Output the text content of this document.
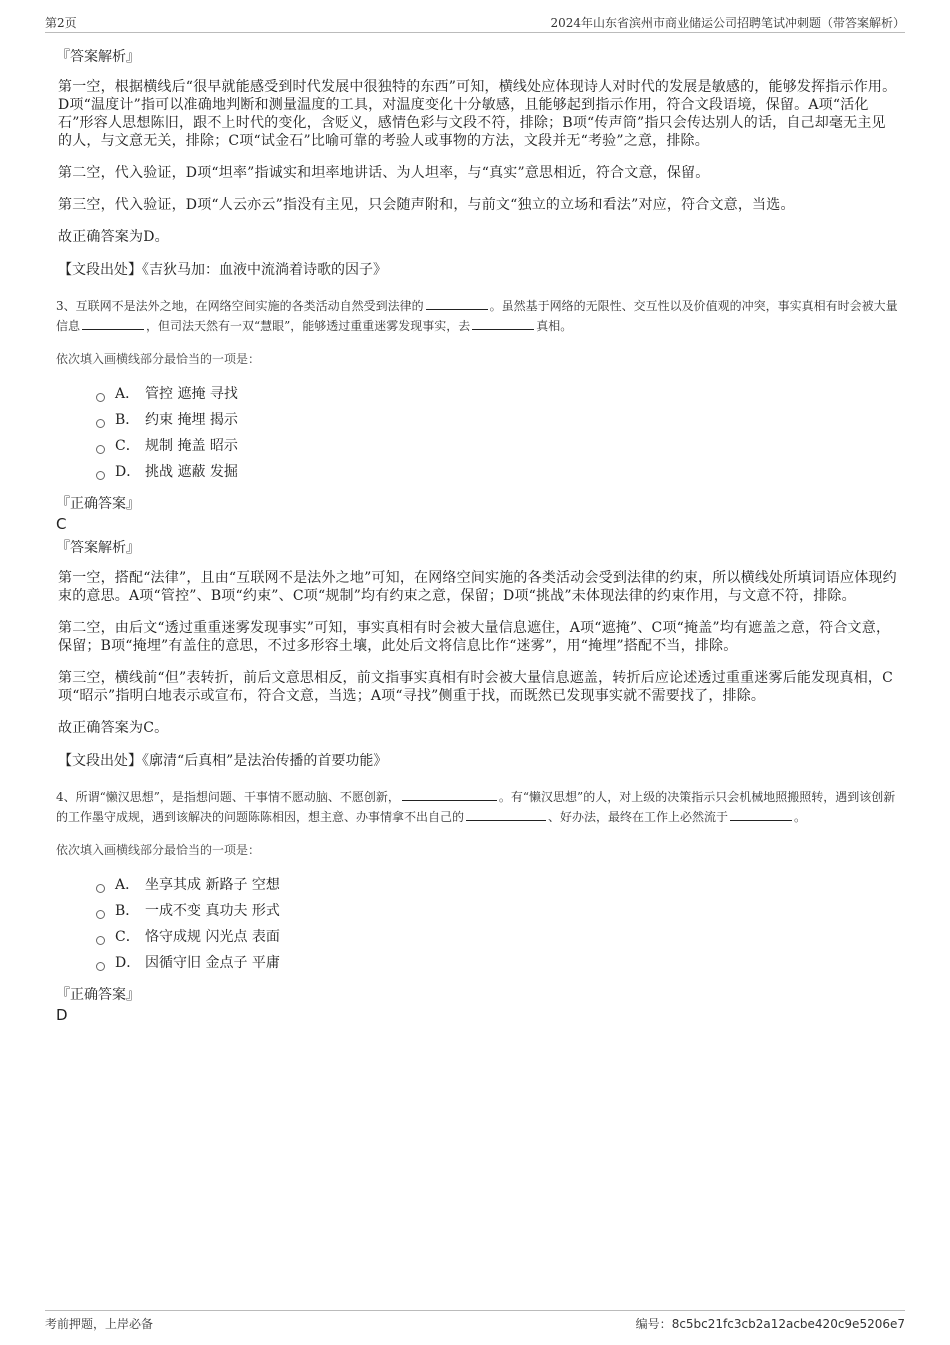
第2页	2024年山东省滨州市商业储运公司招聘笔试冲刺题（带答案解析）
『答案解析』

第一空，根据横线后“很早就能感受到时代发展中很独特的东西”可知，横线处应体现诗人对时代的发展是敏感的，能够发挥指示作用。D项“温度计”指可以准确地判断和测量温度的工具，对温度变化十分敏感，且能够起到指示作用，符合文段语境，保留。A项“活化石”形容人思想陈旧，跟不上时代的变化，含贬义，感情色彩与文段不符，排除；B项“传声筒”指只会传达别人的话，自己却毫无主见的人，与文意无关，排除；C项“试金石”比喻可靠的考验人或事物的方法，文段并无“考验”之意，排除。

第二空，代入验证，D项“坦率”指诚实和坦率地讲话、为人坦率，与“真实”意思相近，符合文意，保留。

第三空，代入验证，D项“人云亦云”指没有主见，只会随声附和，与前文“独立的立场和看法”对应，符合文意，当选。

故正确答案为D。

【文段出处】《吉狄马加：血液中流淌着诗歌的因子》
3、互联网不是法外之地，在网络空间实施的各类活动自然受到法律的	。虽然基于网络的无限性、交互性以及价值观的冲突，事实真相有时会被大量信息	，但司法天然有一双“慧眼”，能够透过重重迷雾发现事实，去	真相。
依次填入画横线部分最恰当的一项是：
A． 管控 遮掩 寻找
B． 约束 掩埋 揭示
C． 规制 掩盖 昭示
D． 挑战 遮蔽 发掘
『正确答案』
C
『答案解析』

第一空，搭配“法律”，且由“互联网不是法外之地”可知，在网络空间实施的各类活动会受到法律的约束，所以横线处所填词语应体现约束的意思。A项“管控”、B项“约束”、C项“规制”均有约束之意，保留；D项“挑战”未体现法律的约束作用，与文意不符，排除。

第二空，由后文“透过重重迷雾发现事实”可知，事实真相有时会被大量信息遮住，A项“遮掩”、C项“掩盖”均有遮盖之意，符合文意，保留；B项“掩埋”有盖住的意思，不过多形容土壤，此处后文将信息比作“迷雾”，用“掩埋”搭配不当，排除。

第三空，横线前“但”表转折，前后文意思相反，前文指事实真相有时会被大量信息遮盖，转折后应论述透过重重迷雾后能发现真相，C项“昭示”指明白地表示或宣布，符合文意，当选；A项“寻找”侧重于找，而既然已发现事实就不需要找了，排除。

故正确答案为C。

【文段出处】《廓清“后真相”是法治传播的首要功能》
4、所谓“懒汉思想”，是指想问题、干事情不愿动脑、不愿创新，	。有“懒汉思想”的人，对上级的决策指示只会机械地照搬照转，遇到该创新的工作墨守成规，遇到该解决的问题陈陈相因，想主意、办事情拿不出自己的	、好办法，最终在工作上必然流于	。
依次填入画横线部分最恰当的一项是：
A． 坐享其成 新路子 空想
B． 一成不变 真功夫 形式
C． 恪守成规 闪光点 表面
D． 因循守旧 金点子 平庸
『正确答案』
D
考前押题，上岸必备	编号：8c5bc21fc3cb2a12acbe420c9e5206e7
